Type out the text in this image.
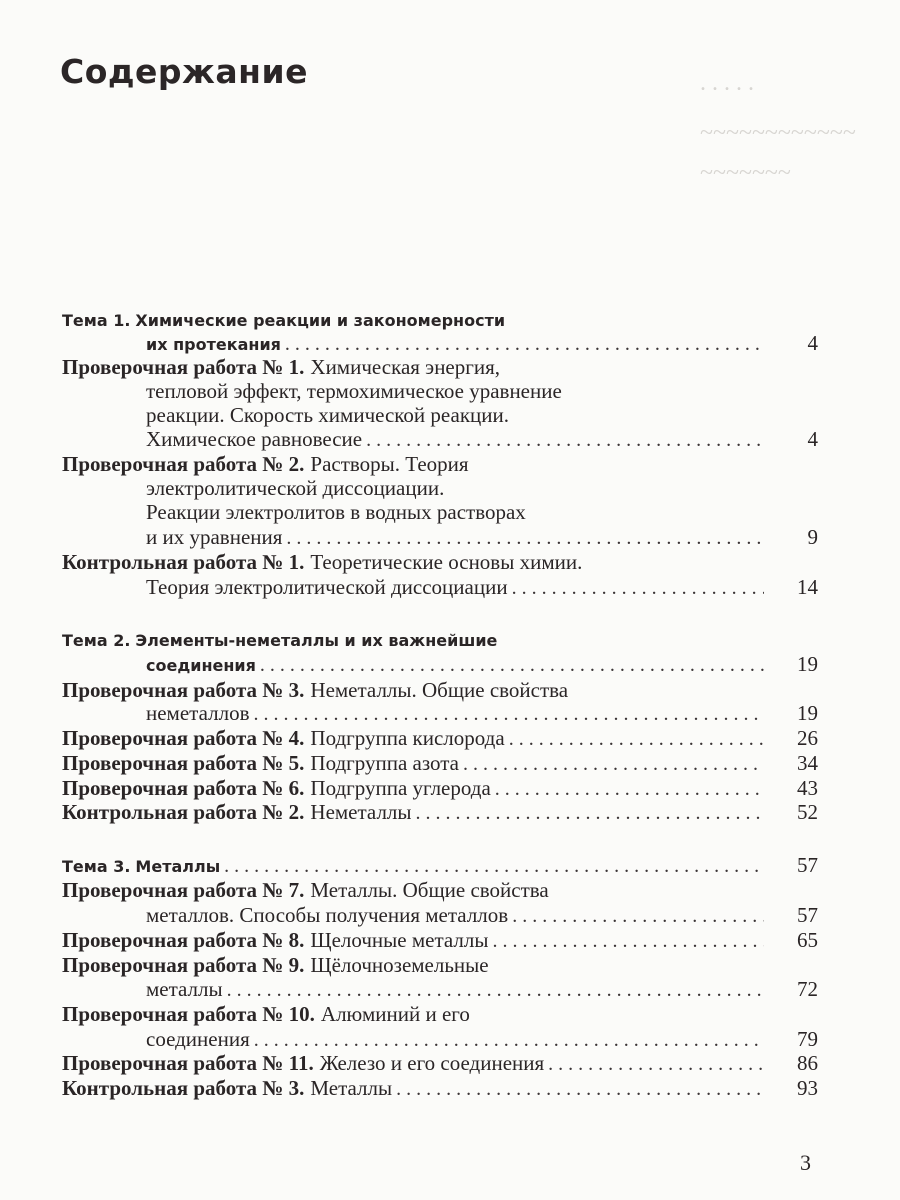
. . . . .
~~~~~~~~~~~~
~~~~~~~
Содержание
Тема 1. Химические реакции и закономерности
их протекания . . .	4
Проверочная работа № 1. Химическая энергия,
тепловой эффект, термохимическое уравнение
реакции. Скорость химической реакции.
Химическое равновесие . . .	4
Проверочная работа № 2. Растворы. Теория
электролитической диссоциации.
Реакции электролитов в водных растворах
и их уравнения . . .	9
Контрольная работа № 1. Теоретические основы химии.
Теория электролитической диссоциации . . .	14
Тема 2. Элементы-неметаллы и их важнейшие
соединения . . .	19
Проверочная работа № 3. Неметаллы. Общие свойства
неметаллов . . .	19
Проверочная работа № 4. Подгруппа кислорода . . .	26
Проверочная работа № 5. Подгруппа азота . . .	34
Проверочная работа № 6. Подгруппа углерода . . .	43
Контрольная работа № 2. Неметаллы . . .	52
Тема 3. Металлы . . .	57
Проверочная работа № 7. Металлы. Общие свойства
металлов. Способы получения металлов . . .	57
Проверочная работа № 8. Щелочные металлы . . .	65
Проверочная работа № 9. Щёлочноземельные
металлы . . .	72
Проверочная работа № 10. Алюминий и его
соединения . . .	79
Проверочная работа № 11. Железо и его соединения . . .	86
Контрольная работа № 3. Металлы . . .	93
3
